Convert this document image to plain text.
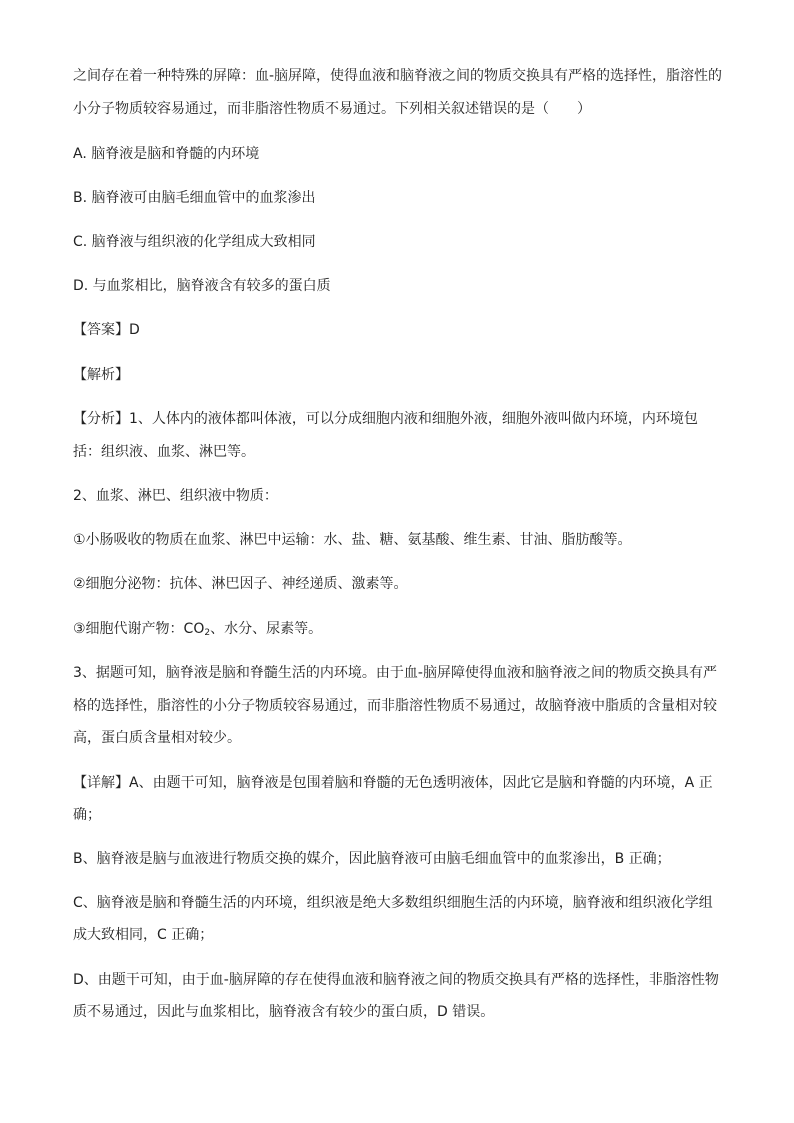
之间存在着一种特殊的屏障：血-脑屏障，使得血液和脑脊液之间的物质交换具有严格的选择性，脂溶性的
小分子物质较容易通过，而非脂溶性物质不易通过。下列相关叙述错误的是（　　）
A. 脑脊液是脑和脊髓的内环境
B. 脑脊液可由脑毛细血管中的血浆渗出
C. 脑脊液与组织液的化学组成大致相同
D. 与血浆相比，脑脊液含有较多的蛋白质
【答案】D
【解析】
【分析】1、人体内的液体都叫体液，可以分成细胞内液和细胞外液，细胞外液叫做内环境，内环境包
括：组织液、血浆、淋巴等。
2、血浆、淋巴、组织液中物质：
①小肠吸收的物质在血浆、淋巴中运输：水、盐、糖、氨基酸、维生素、甘油、脂肪酸等。
②细胞分泌物：抗体、淋巴因子、神经递质、激素等。
③细胞代谢产物：$CO_2$、水分、尿素等。
3、据题可知，脑脊液是脑和脊髓生活的内环境。由于血-脑屏障使得血液和脑脊液之间的物质交换具有严
格的选择性，脂溶性的小分子物质较容易通过，而非脂溶性物质不易通过，故脑脊液中脂质的含量相对较
高，蛋白质含量相对较少。
【详解】A、由题干可知，脑脊液是包围着脑和脊髓的无色透明液体，因此它是脑和脊髓的内环境，A 正
确；
B、脑脊液是脑与血液进行物质交换的媒介，因此脑脊液可由脑毛细血管中的血浆渗出，B 正确；
C、脑脊液是脑和脊髓生活的内环境，组织液是绝大多数组织细胞生活的内环境，脑脊液和组织液化学组
成大致相同，C 正确；
D、由题干可知，由于血-脑屏障的存在使得血液和脑脊液之间的物质交换具有严格的选择性，非脂溶性物
质不易通过，因此与血浆相比，脑脊液含有较少的蛋白质，D 错误。
